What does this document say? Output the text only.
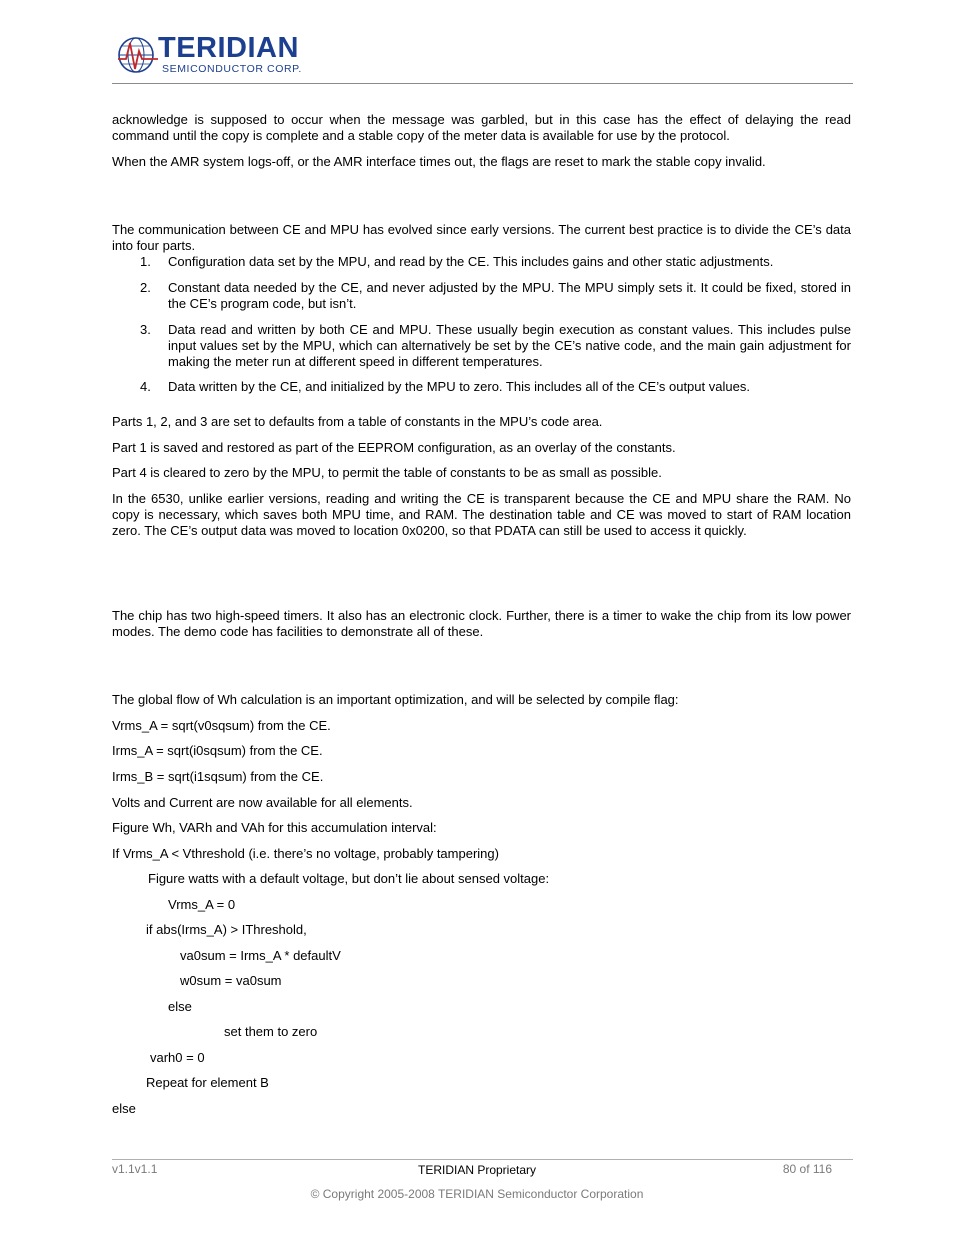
TERIDIAN
SEMICONDUCTOR CORP.
acknowledge is supposed to occur when the message was garbled, but in this case has the effect of delaying the read command until the copy is complete and a stable copy of the meter data is available for use by the protocol.
When the AMR system logs-off, or the AMR interface times out, the flags are reset to mark the stable copy invalid.
The communication between CE and MPU has evolved since early versions. The current best practice is to divide the CE’s data into four parts.
1. Configuration data set by the MPU, and read by the CE. This includes gains and other static adjustments.
2. Constant data needed by the CE, and never adjusted by the MPU. The MPU simply sets it. It could be fixed, stored in the CE’s program code, but isn’t.
3. Data read and written by both CE and MPU. These usually begin execution as constant values. This includes pulse input values set by the MPU, which can alternatively be set by the CE’s native code, and the main gain adjustment for making the meter run at different speed in different temperatures.
4. Data written by the CE, and initialized by the MPU to zero. This includes all of the CE’s output values.
Parts 1, 2, and 3 are set to defaults from a table of constants in the MPU’s code area.
Part 1 is saved and restored as part of the EEPROM configuration, as an overlay of the constants.
Part 4 is cleared to zero by the MPU, to permit the table of constants to be as small as possible.
In the 6530, unlike earlier versions, reading and writing the CE is transparent because the CE and MPU share the RAM. No copy is necessary, which saves both MPU time, and RAM. The destination table and CE was moved to start of RAM location zero. The CE’s output data was moved to location 0x0200, so that PDATA can still be used to access it quickly.
The chip has two high-speed timers. It also has an electronic clock. Further, there is a timer to wake the chip from its low power modes. The demo code has facilities to demonstrate all of these.
The global flow of Wh calculation is an important optimization, and will be selected by compile flag:
Vrms_A = sqrt(v0sqsum) from the CE.
Irms_A = sqrt(i0sqsum) from the CE.
Irms_B = sqrt(i1sqsum) from the CE.
Volts and Current are now available for all elements.
Figure Wh, VARh and VAh for this accumulation interval:
If Vrms_A < Vthreshold (i.e. there’s no voltage, probably tampering)
Figure watts with a default voltage, but don’t lie about sensed voltage:
Vrms_A = 0
if abs(Irms_A) > IThreshold,
va0sum = Irms_A * defaultV
w0sum = va0sum
else
set them to zero
varh0 = 0
Repeat for element B
else
v1.1v1.1	TERIDIAN Proprietary	80 of 116
© Copyright 2005-2008 TERIDIAN Semiconductor Corporation
